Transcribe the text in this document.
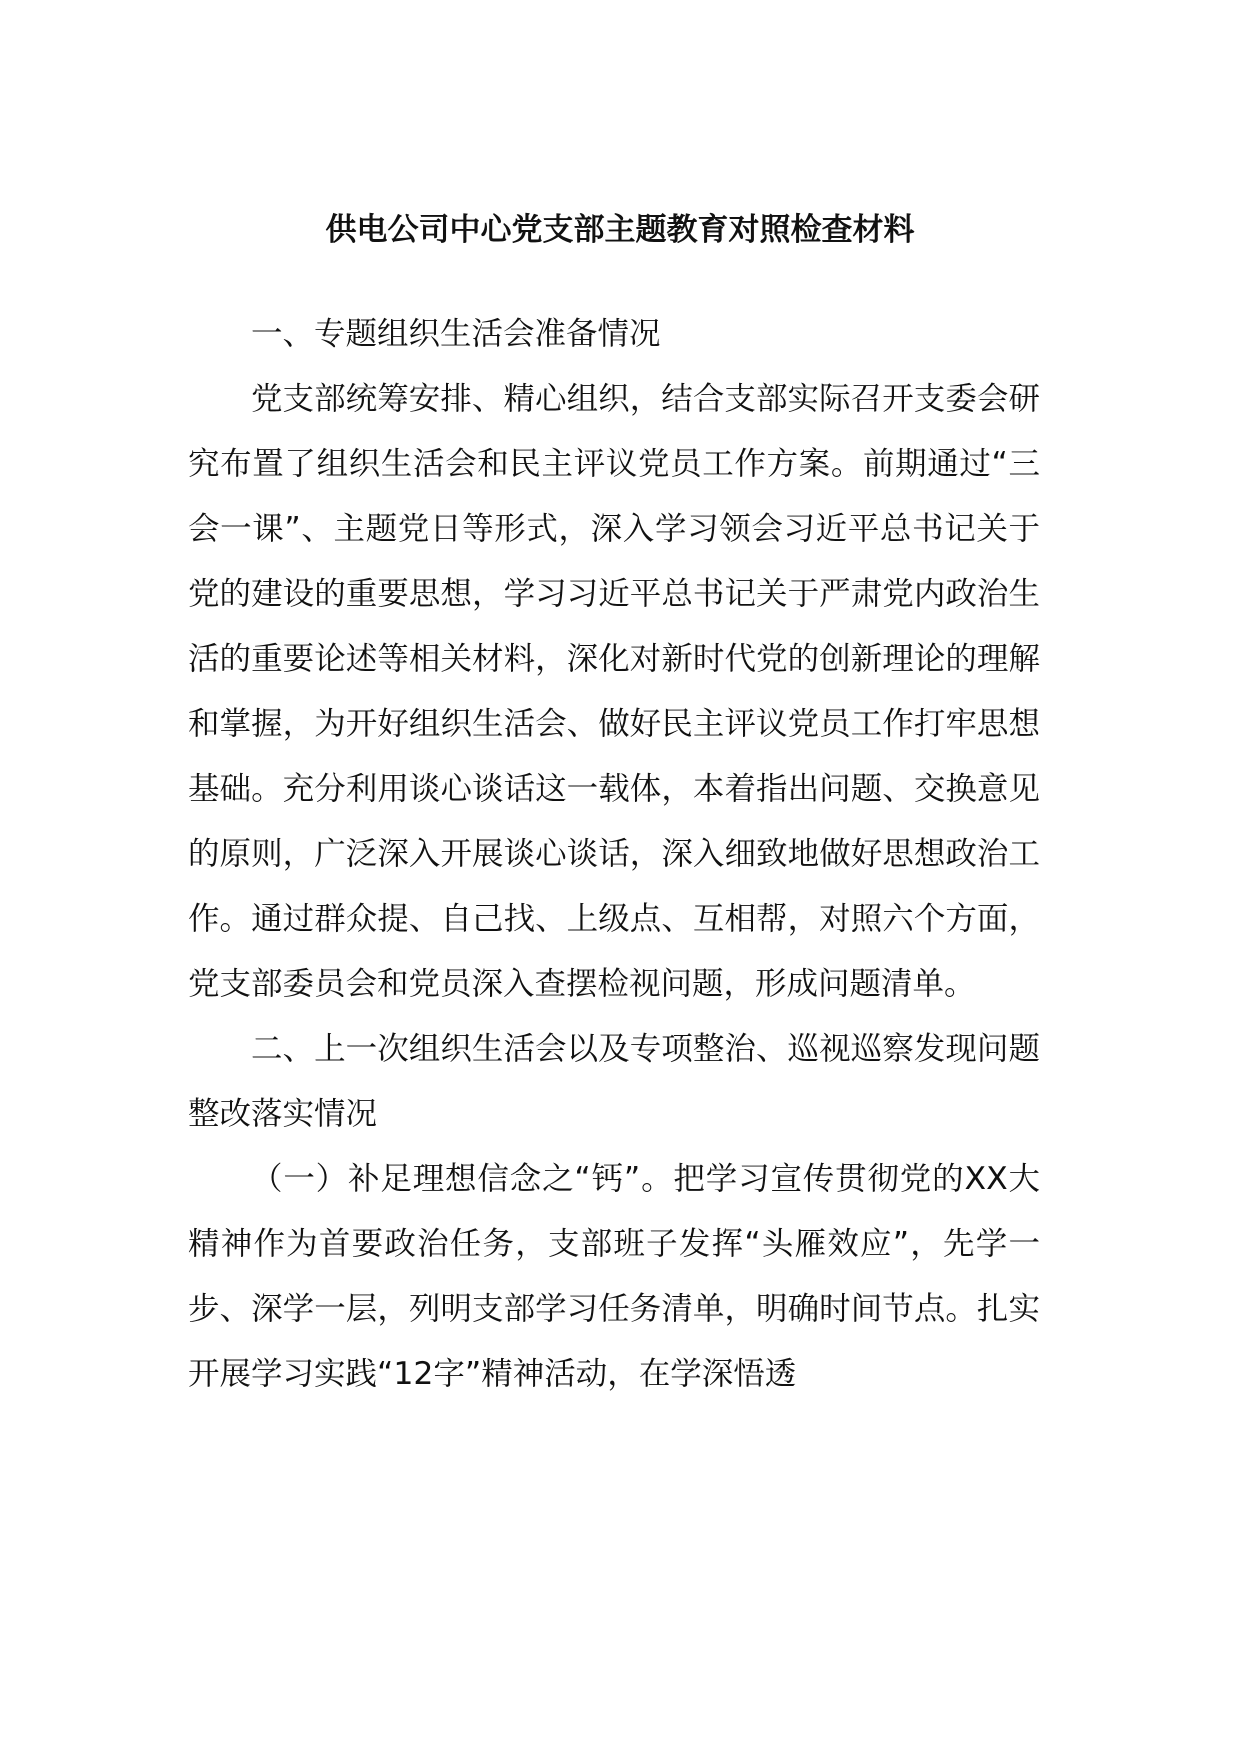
供电公司中心党支部主题教育对照检查材料

一、专题组织生活会准备情况

党支部统筹安排、精心组织，结合支部实际召开支委会研究布置了组织生活会和民主评议党员工作方案。前期通过“三会一课”、主题党日等形式，深入学习领会习近平总书记关于党的建设的重要思想，学习习近平总书记关于严肃党内政治生活的重要论述等相关材料，深化对新时代党的创新理论的理解和掌握，为开好组织生活会、做好民主评议党员工作打牢思想基础。充分利用谈心谈话这一载体，本着指出问题、交换意见的原则，广泛深入开展谈心谈话，深入细致地做好思想政治工作。通过群众提、自己找、上级点、互相帮，对照六个方面，党支部委员会和党员深入查摆检视问题，形成问题清单。

二、上一次组织生活会以及专项整治、巡视巡察发现问题整改落实情况

（一）补足理想信念之“钙”。把学习宣传贯彻党的XX大精神作为首要政治任务，支部班子发挥“头雁效应”，先学一步、深学一层，列明支部学习任务清单，明确时间节点。扎实开展学习实践“12字”精神活动，在学深悟透
